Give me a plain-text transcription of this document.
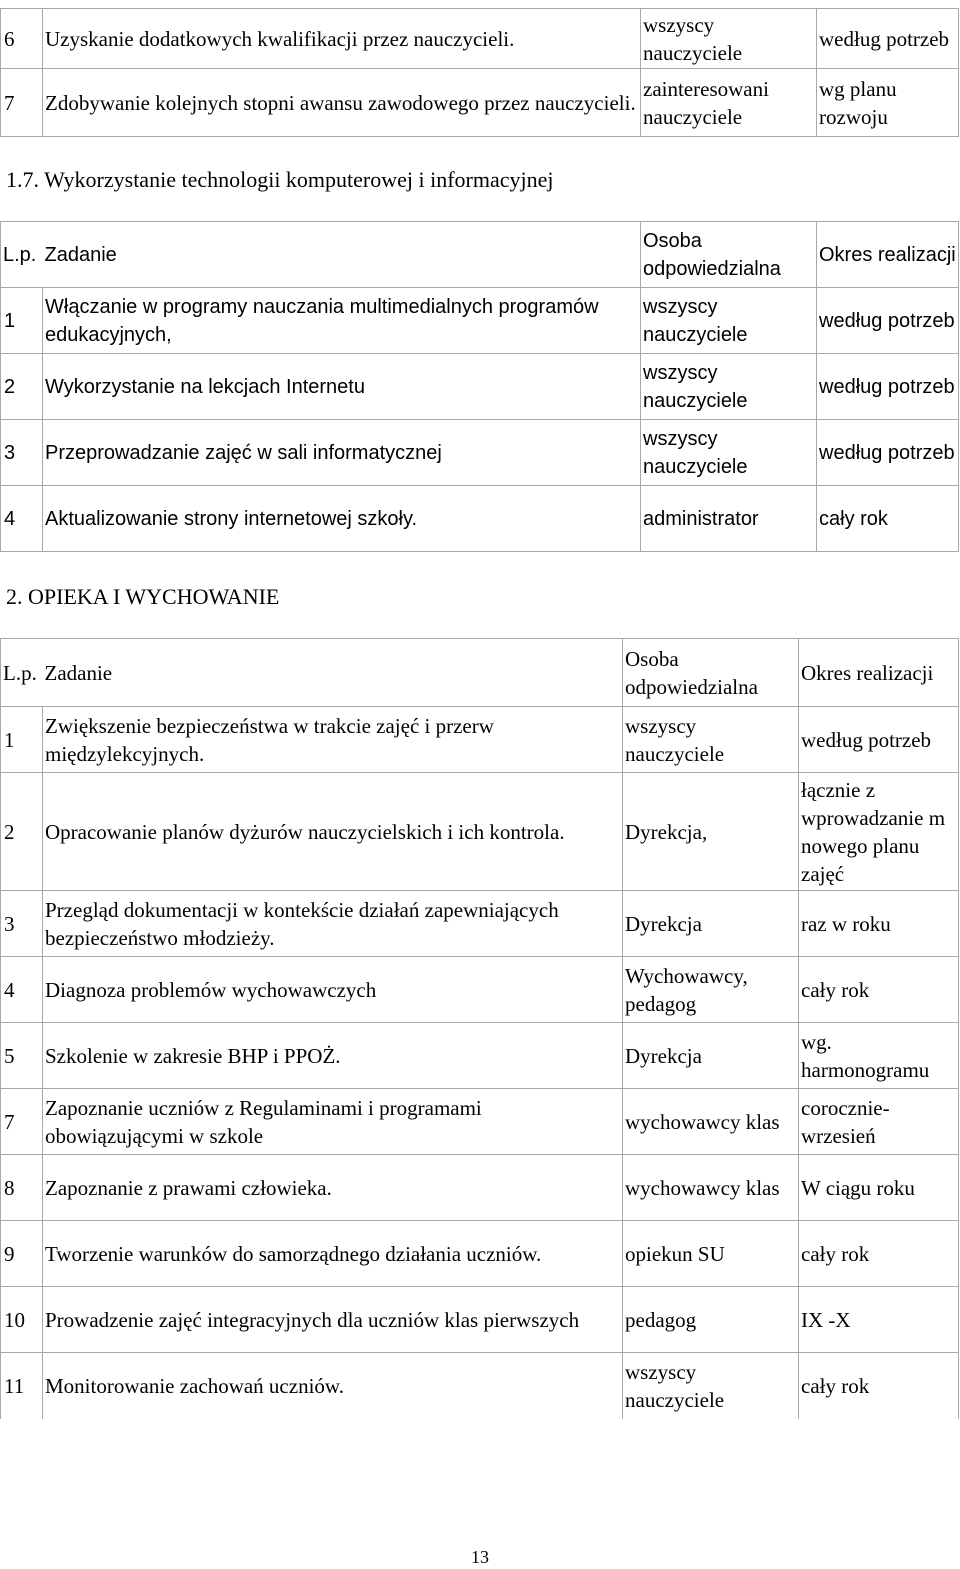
6	Uzyskanie dodatkowych kwalifikacji przez nauczycieli.	wszyscy nauczyciele	według potrzeb
7	Zdobywanie kolejnych stopni awansu zawodowego przez nauczycieli.	zainteresowani nauczyciele	wg planu rozwoju
1.7. Wykorzystanie technologii komputerowej i informacyjnej
L.p.	Zadanie	Osoba odpowiedzialna	Okres realizacji
1	Włączanie w programy nauczania multimedialnych programów edukacyjnych,	wszyscy nauczyciele	według potrzeb
2	Wykorzystanie na lekcjach Internetu	wszyscy nauczyciele	według potrzeb
3	Przeprowadzanie zajęć w sali informatycznej	wszyscy nauczyciele	według potrzeb
4	Aktualizowanie strony internetowej szkoły.	administrator	cały rok
2. OPIEKA I WYCHOWANIE
L.p.	Zadanie	Osoba odpowiedzialna	Okres realizacji
1	Zwiększenie bezpieczeństwa w trakcie zajęć i przerw międzylekcyjnych.	wszyscy nauczyciele	według potrzeb
2	Opracowanie planów dyżurów nauczycielskich i ich kontrola.	Dyrekcja,	łącznie z wprowadzanie m nowego planu zajęć
3	Przegląd dokumentacji w kontekście działań zapewniających bezpieczeństwo młodzieży.	Dyrekcja	raz w roku
4	Diagnoza problemów wychowawczych	Wychowawcy, pedagog	cały rok
5	Szkolenie w zakresie BHP i PPOŻ.	Dyrekcja	wg. harmonogramu
7	Zapoznanie uczniów z Regulaminami i programami obowiązującymi w szkole	wychowawcy klas	corocznie-wrzesień
8	Zapoznanie z prawami człowieka.	wychowawcy klas	W ciągu roku
9	Tworzenie warunków do samorządnego działania uczniów.	opiekun SU	cały rok
10	Prowadzenie zajęć integracyjnych dla uczniów klas pierwszych	pedagog	IX -X
11	Monitorowanie zachowań uczniów.	wszyscy nauczyciele	cały rok
13
